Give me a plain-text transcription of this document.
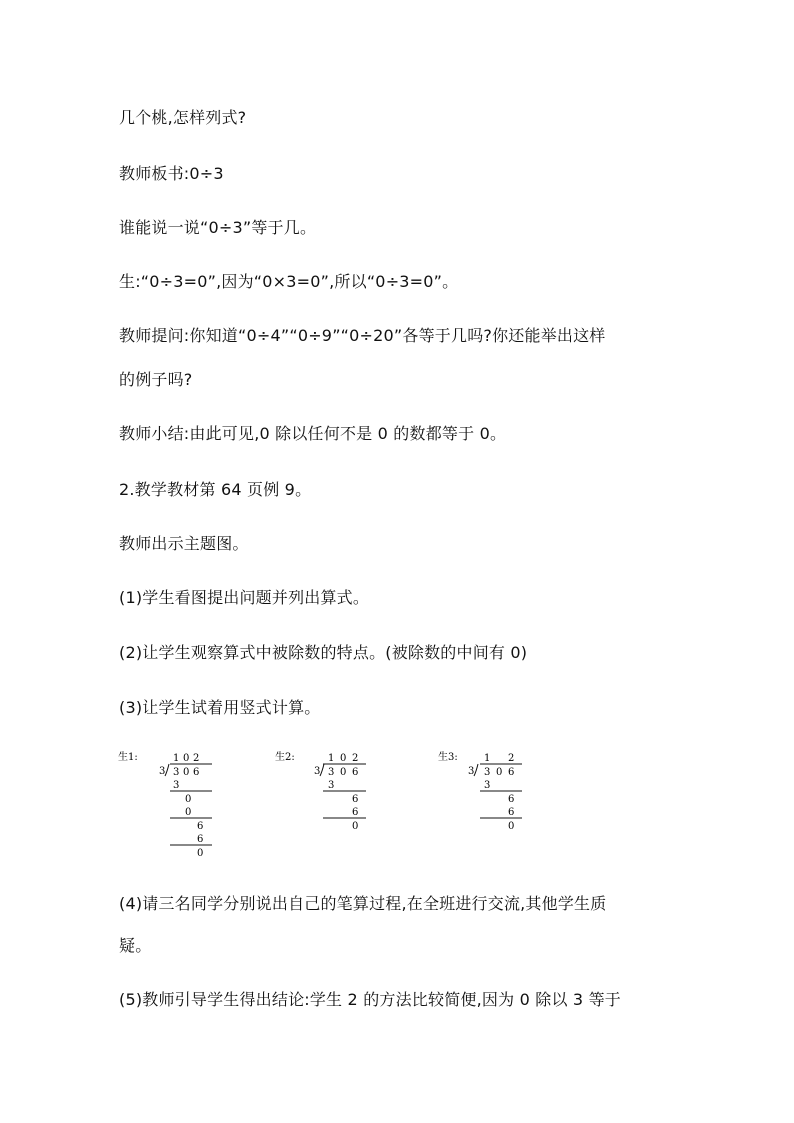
几个桃,怎样列式?
教师板书:0÷3
谁能说一说“0÷3”等于几。
生:“0÷3=0”,因为“0×3=0”,所以“0÷3=0”。
教师提问:你知道“0÷4”“0÷9”“0÷20”各等于几吗?你还能举出这样
的例子吗?
教师小结:由此可见,0 除以任何不是 0 的数都等于 0。
2.教学教材第 64 页例 9。
教师出示主题图。
(1)学生看图提出问题并列出算式。
(2)让学生观察算式中被除数的特点。(被除数的中间有 0)
(3)让学生试着用竖式计算。
生1:	1 0 2
3 3 0 6
3
0
0
6
6
0
生2:	1 0 2
3 3 0 6
3
6
6
0
生3:	1 2
3 3 0 6
3
6
6
0
(4)请三名同学分别说出自己的笔算过程,在全班进行交流,其他学生质
疑。
(5)教师引导学生得出结论:学生 2 的方法比较简便,因为 0 除以 3 等于
